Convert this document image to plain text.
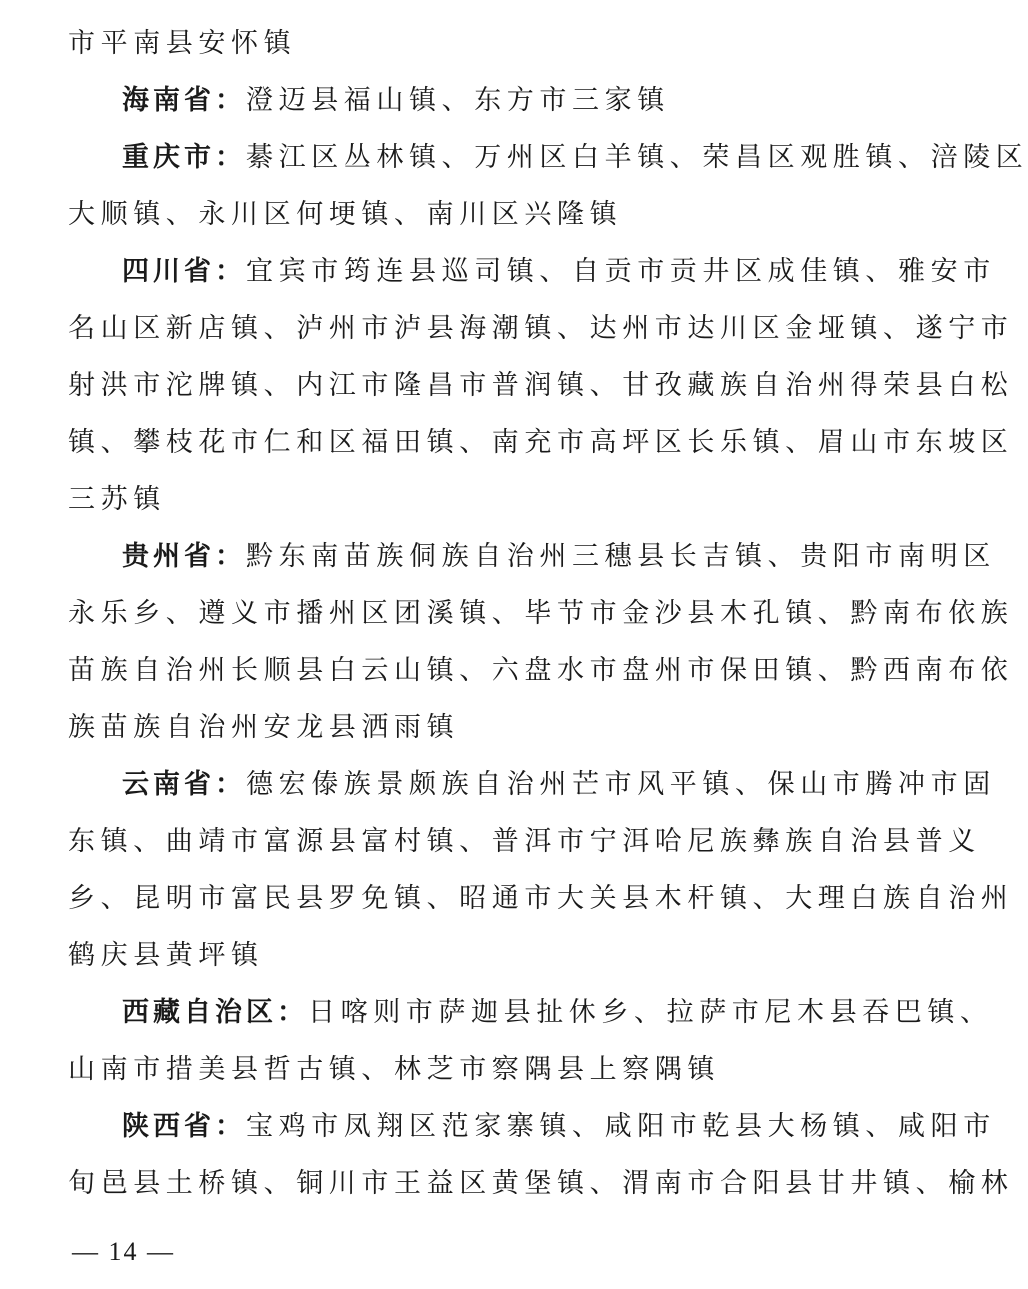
市平南县安怀镇
海南省：澄迈县福山镇、东方市三家镇
重庆市：綦江区丛林镇、万州区白羊镇、荣昌区观胜镇、涪陵区
大顺镇、永川区何埂镇、南川区兴隆镇
四川省：宜宾市筠连县巡司镇、自贡市贡井区成佳镇、雅安市
名山区新店镇、泸州市泸县海潮镇、达州市达川区金垭镇、遂宁市
射洪市沱牌镇、内江市隆昌市普润镇、甘孜藏族自治州得荣县白松
镇、攀枝花市仁和区福田镇、南充市高坪区长乐镇、眉山市东坡区
三苏镇
贵州省：黔东南苗族侗族自治州三穗县长吉镇、贵阳市南明区
永乐乡、遵义市播州区团溪镇、毕节市金沙县木孔镇、黔南布依族
苗族自治州长顺县白云山镇、六盘水市盘州市保田镇、黔西南布依
族苗族自治州安龙县洒雨镇
云南省：德宏傣族景颇族自治州芒市风平镇、保山市腾冲市固
东镇、曲靖市富源县富村镇、普洱市宁洱哈尼族彝族自治县普义
乡、昆明市富民县罗免镇、昭通市大关县木杆镇、大理白族自治州
鹤庆县黄坪镇
西藏自治区：日喀则市萨迦县扯休乡、拉萨市尼木县吞巴镇、
山南市措美县哲古镇、林芝市察隅县上察隅镇
陕西省：宝鸡市凤翔区范家寨镇、咸阳市乾县大杨镇、咸阳市
旬邑县土桥镇、铜川市王益区黄堡镇、渭南市合阳县甘井镇、榆林
— 14 —
